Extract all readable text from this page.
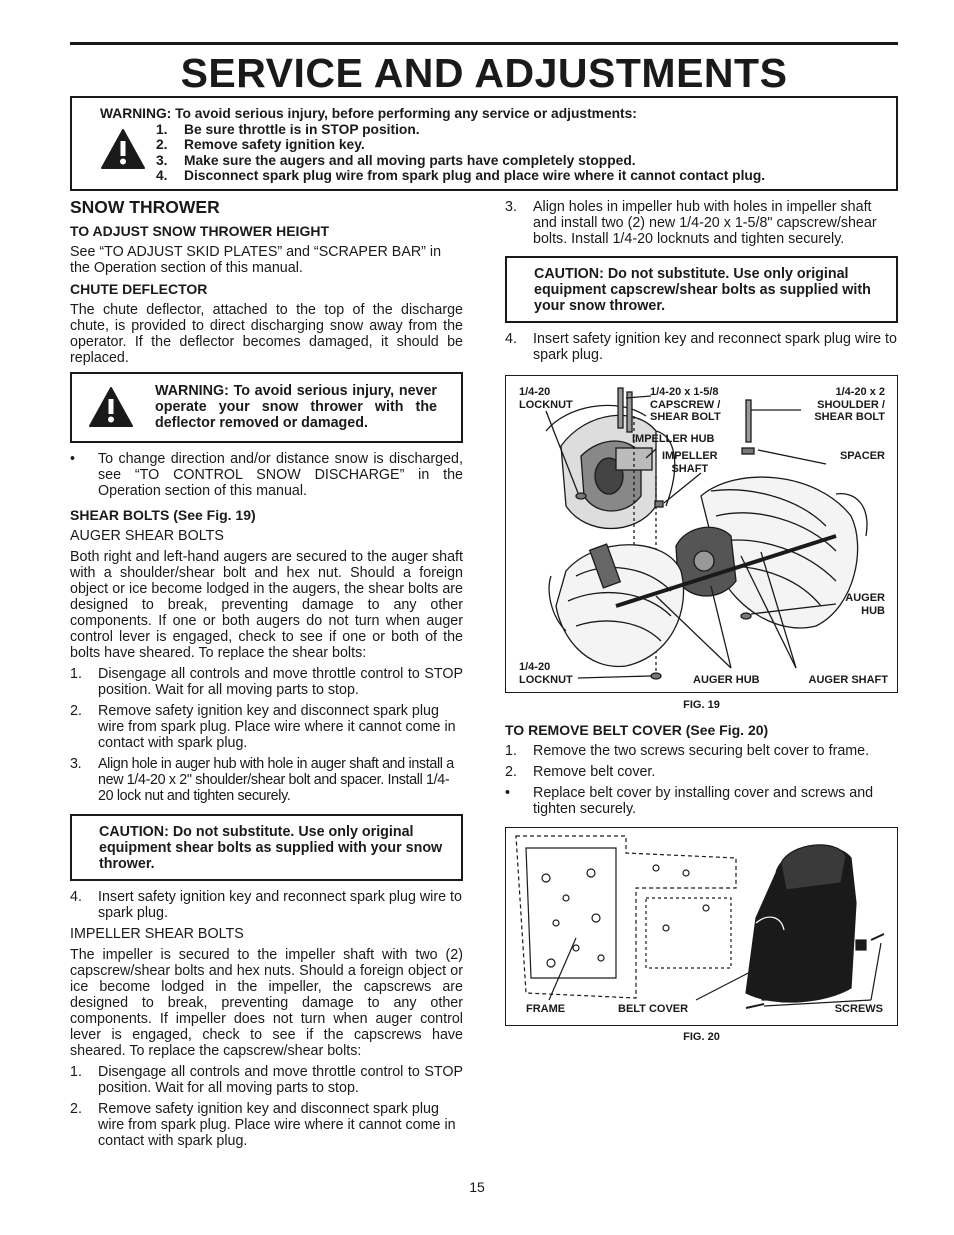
SERVICE AND ADJUSTMENTS
WARNING: To avoid serious injury, before performing any service or adjustments:
1. Be sure throttle is in STOP position.
2. Remove safety ignition key.
3. Make sure the augers and all moving parts have completely stopped.
4. Disconnect spark plug wire from spark plug and place wire where it cannot contact plug.
SNOW THROWER
TO ADJUST SNOW THROWER HEIGHT

See “TO ADJUST SKID PLATES” and “SCRAPER BAR” in the Operation section of this manual.

CHUTE DEFLECTOR

The chute deflector, attached to the top of the discharge chute, is provided to direct discharging snow away from the operator. If the deflector becomes damaged, it should be replaced.

WARNING: To avoid serious injury, never operate your snow thrower with the deflector removed or damaged.
• To change direction and/or distance snow is discharged, see “TO CONTROL SNOW DISCHARGE” in the Operation section of this manual.
SHEAR BOLTS (See Fig. 19)

AUGER SHEAR BOLTS

Both right and left-hand augers are secured to the auger shaft with a shoulder/shear bolt and hex nut. Should a foreign object or ice become lodged in the augers, the shear bolts are designed to break, preventing damage to any other components. If one or both augers do not turn when auger control lever is engaged, check to see if one or both of the bolts have sheared. To replace the shear bolts:

1. Disengage all controls and move throttle control to STOP position. Wait for all moving parts to stop.
2. Remove safety ignition key and disconnect spark plug wire from spark plug. Place wire where it cannot come in contact with spark plug.
3. Align hole in auger hub with hole in auger shaft and install a new 1/4-20 x 2" shoulder/shear bolt and spacer. Install 1/4-20 lock nut and tighten securely.
CAUTION: Do not substitute. Use only original equipment shear bolts as supplied with your snow thrower.
4. Insert safety ignition key and reconnect spark plug wire to spark plug.

IMPELLER SHEAR BOLTS

The impeller is secured to the impeller shaft with two (2) capscrew/shear bolts and hex nuts. Should a foreign object or ice become lodged in the impeller, the capscrews are designed to break, preventing damage to any other components. If impeller does not turn when auger control lever is engaged, check to see if the capscrews have sheared. To replace the capscrew/shear bolts:

1. Disengage all controls and move throttle control to STOP position. Wait for all moving parts to stop.
2. Remove safety ignition key and disconnect spark plug wire from spark plug. Place wire where it cannot come in contact with spark plug.
3. Align holes in impeller hub with holes in impeller shaft and install two (2) new 1/4-20 x 1-5/8" capscrew/shear bolts. Install 1/4-20 locknuts and tighten securely.
CAUTION: Do not substitute. Use only original equipment capscrew/shear bolts as supplied with your snow thrower.
4. Insert safety ignition key and reconnect spark plug wire to spark plug.
1/4-20
LOCKNUT
1/4-20 x 1-5/8
CAPSCREW /
SHEAR BOLT
1/4-20 x 2
SHOULDER /
SHEAR BOLT
IMPELLER HUB
IMPELLER
SHAFT
SPACER
AUGER
HUB
1/4-20
LOCKNUT	AUGER HUB	AUGER SHAFT
FIG. 19
TO REMOVE BELT COVER (See Fig. 20)
1. Remove the two screws securing belt cover to frame.
2. Remove belt cover.
• Replace belt cover by installing cover and screws and tighten securely.
FRAME	BELT COVER	SCREWS
FIG. 20
15
